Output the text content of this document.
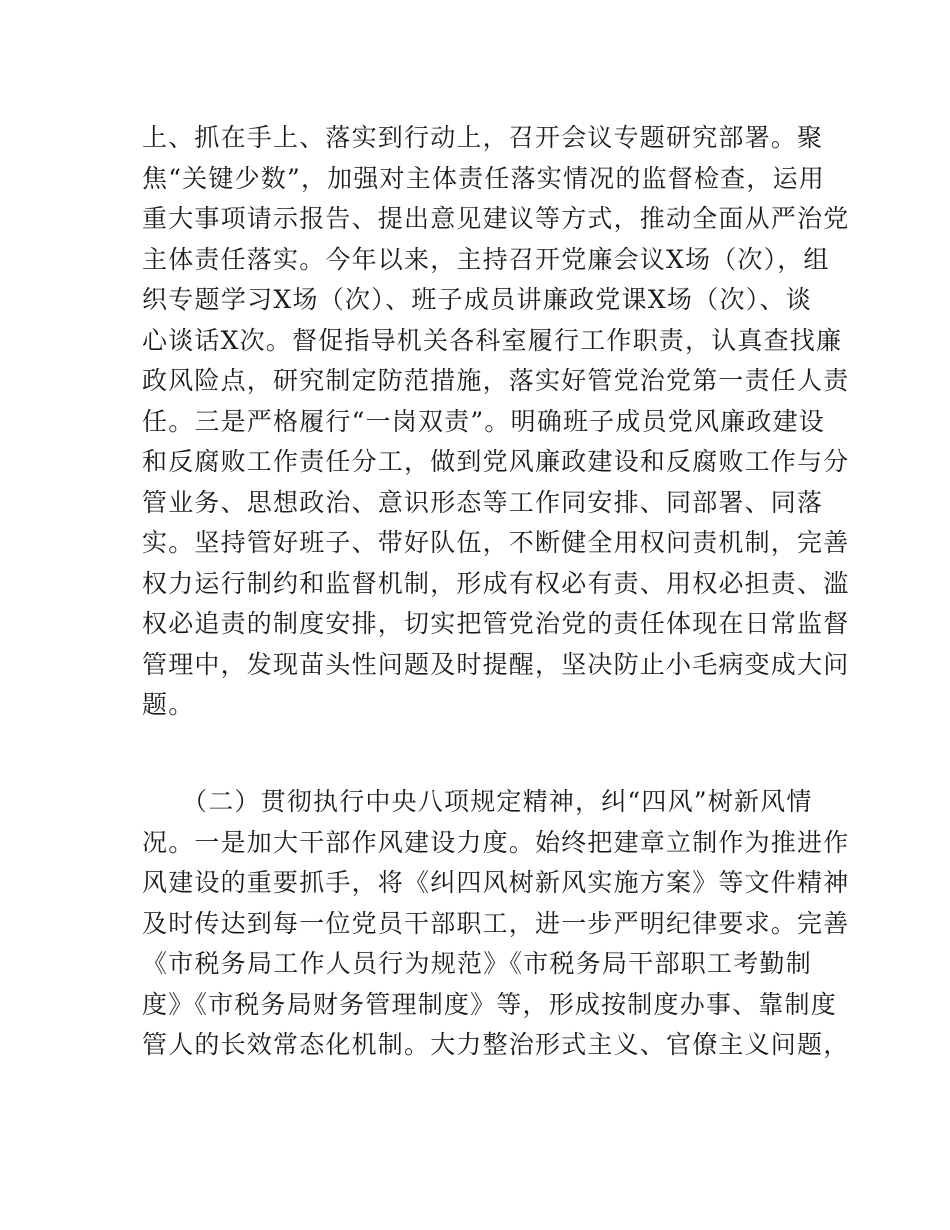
上、抓在手上、落实到行动上，召开会议专题研究部署。聚
焦“关键少数”，加强对主体责任落实情况的监督检查，运用
重大事项请示报告、提出意见建议等方式，推动全面从严治党
主体责任落实。今年以来，主持召开党廉会议X场（次），组
织专题学习X场（次）、班子成员讲廉政党课X场（次）、谈
心谈话X次。督促指导机关各科室履行工作职责，认真查找廉
政风险点，研究制定防范措施，落实好管党治党第一责任人责
任。三是严格履行“一岗双责”。明确班子成员党风廉政建设
和反腐败工作责任分工，做到党风廉政建设和反腐败工作与分
管业务、思想政治、意识形态等工作同安排、同部署、同落
实。坚持管好班子、带好队伍，不断健全用权问责机制，完善
权力运行制约和监督机制，形成有权必有责、用权必担责、滥
权必追责的制度安排，切实把管党治党的责任体现在日常监督
管理中，发现苗头性问题及时提醒，坚决防止小毛病变成大问
题。
（二）贯彻执行中央八项规定精神，纠“四风”树新风情
况。一是加大干部作风建设力度。始终把建章立制作为推进作
风建设的重要抓手，将《纠四风树新风实施方案》等文件精神
及时传达到每一位党员干部职工，进一步严明纪律要求。完善
《市税务局工作人员行为规范》《市税务局干部职工考勤制
度》《市税务局财务管理制度》等，形成按制度办事、靠制度
管人的长效常态化机制。大力整治形式主义、官僚主义问题，
